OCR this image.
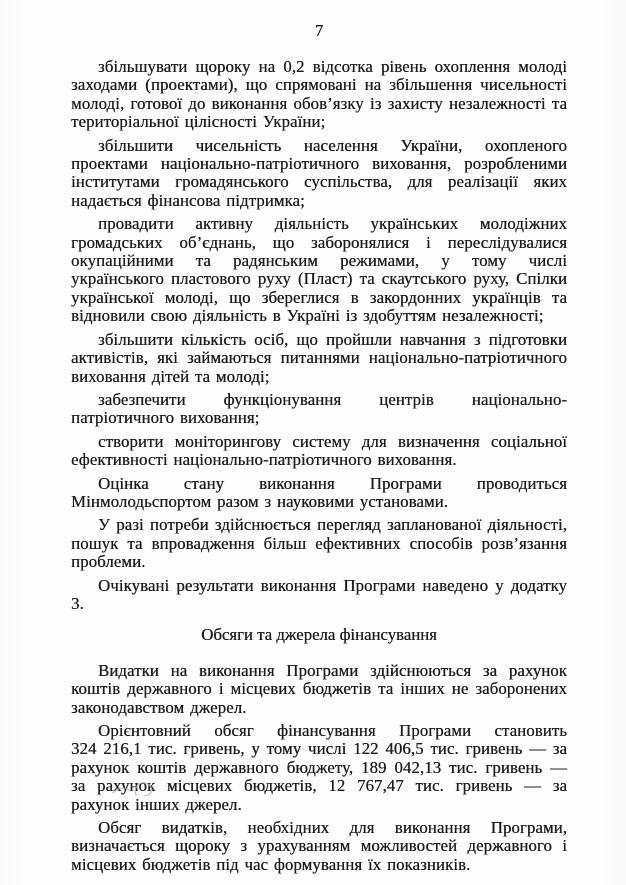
7

збільшувати щороку на 0,2 відсотка рівень охоплення молоді заходами (проектами), що спрямовані на збільшення чисельності молоді, готової до виконання обов’язку із захисту незалежності та територіальної цілісності України;

збільшити чисельність населення України, охопленого проектами національно-патріотичного виховання, розробленими інститутами громадянського суспільства, для реалізації яких надається фінансова підтримка;

провадити активну діяльність українських молодіжних громадських об’єднань, що заборонялися і переслідувалися окупаційними та радянським режимами, у тому числі українського пластового руху (Пласт) та скаутського руху, Спілки української молоді, що збереглися в закордонних українців та відновили свою діяльність в Україні із здобуттям незалежності;

збільшити кількість осіб, що пройшли навчання з підготовки активістів, які займаються питаннями національно-патріотичного виховання дітей та молоді;

забезпечити функціонування центрів національно-патріотичного виховання;

створити моніторингову систему для визначення соціальної ефективності національно-патріотичного виховання.

Оцінка стану виконання Програми проводиться Мінмолодьспортом разом з науковими установами.

У разі потреби здійснюється перегляд запланованої діяльності, пошук та впровадження більш ефективних способів розв’язання проблеми.

Очікувані результати виконання Програми наведено у додатку 3.

Обсяги та джерела фінансування

Видатки на виконання Програми здійснюються за рахунок коштів державного і місцевих бюджетів та інших не заборонених законодавством джерел.

Орієнтовний обсяг фінансування Програми становить 324 216,1 тис. гривень, у тому числі 122 406,5 тис. гривень — за рахунок коштів державного бюджету, 189 042,13 тис. гривень — за рахунок місцевих бюджетів, 12 767,47 тис. гривень — за рахунок інших джерел.

Обсяг видатків, необхідних для виконання Програми, визначається щороку з урахуванням можливостей державного і місцевих бюджетів під час формування їх показників.
